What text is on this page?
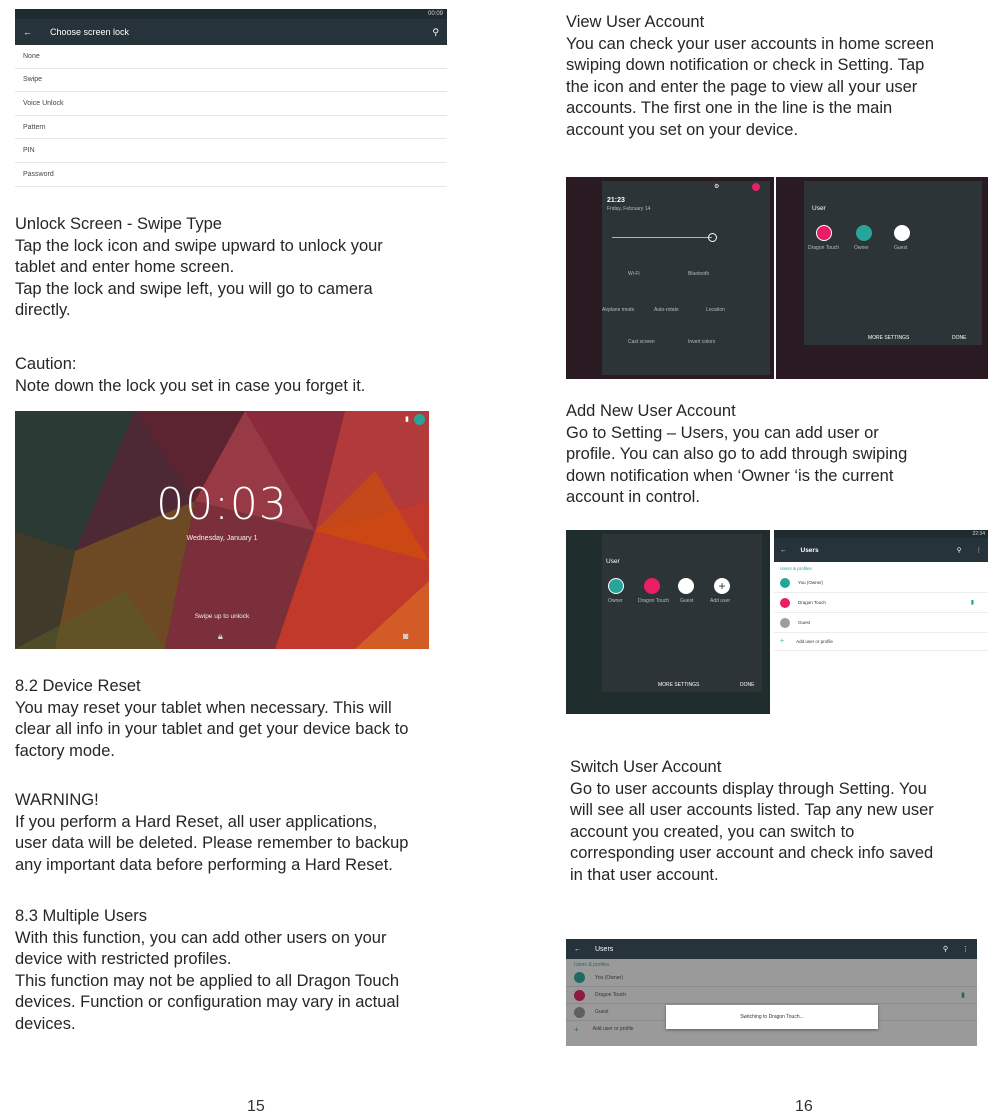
00:09
← Choose screen lock	⚲
None
Swipe
Voice Unlock
Pattern
PIN
Password
Unlock Screen - Swipe Type
Tap the lock icon and swipe upward to unlock your
tablet and enter home screen.
Tap the lock and swipe left, you will go to camera
directly.
Caution:
Note down the lock you set in case you forget it.
▮
00:03
Wednesday, January 1
Swipe up to unlock
🔒︎	◙
8.2 Device Reset
You may reset your tablet when necessary. This will
clear all info in your tablet and get your device back to
factory mode.
WARNING!
If you perform a Hard Reset, all user applications,
user data will be deleted. Please remember to backup
any important data before performing a Hard Reset.
8.3 Multiple Users
With this function, you can add other users on your
device with restricted profiles.
This function may not be applied to all Dragon Touch
devices. Function or configuration may vary in actual
devices.
15
View User Account
You can check your user accounts in home screen
swiping down notification or check in Setting. Tap
the icon and enter the page to view all your user
accounts. The first one in the line is the main
account you set on your device.
21:23
Friday, February 14
⚙
Wi-Fi	Bluetooth
Airplane mode	Auto-rotate	Location
Cast screen	Invert colors
User
Dragon Touch	Owner	Guest
MORE SETTINGS	DONE
Add New User Account
Go to Setting – Users, you can add user or
profile. You can also go to add through swiping
down notification when ‘Owner ‘is the current
account in control.
User
+
Owner	Dragon Touch Guest	Add user
MORE SETTINGS	DONE
22:34
← Users	⚲ ⋮
Users & profiles
You (Owner)
Dragon Touch	▮
Guest
+	Add user or profile
Switch User Account
Go to user accounts display through Setting. You
will see all user accounts listed. Tap any new user
account you created, you can switch to
corresponding user account and check info saved
in that user account.
← Users	⚲ ⋮
Users & profiles
You (Owner)
Dragon Touch	▮
Guest
+	Add user or profile
Switching to Dragon Touch...
16
